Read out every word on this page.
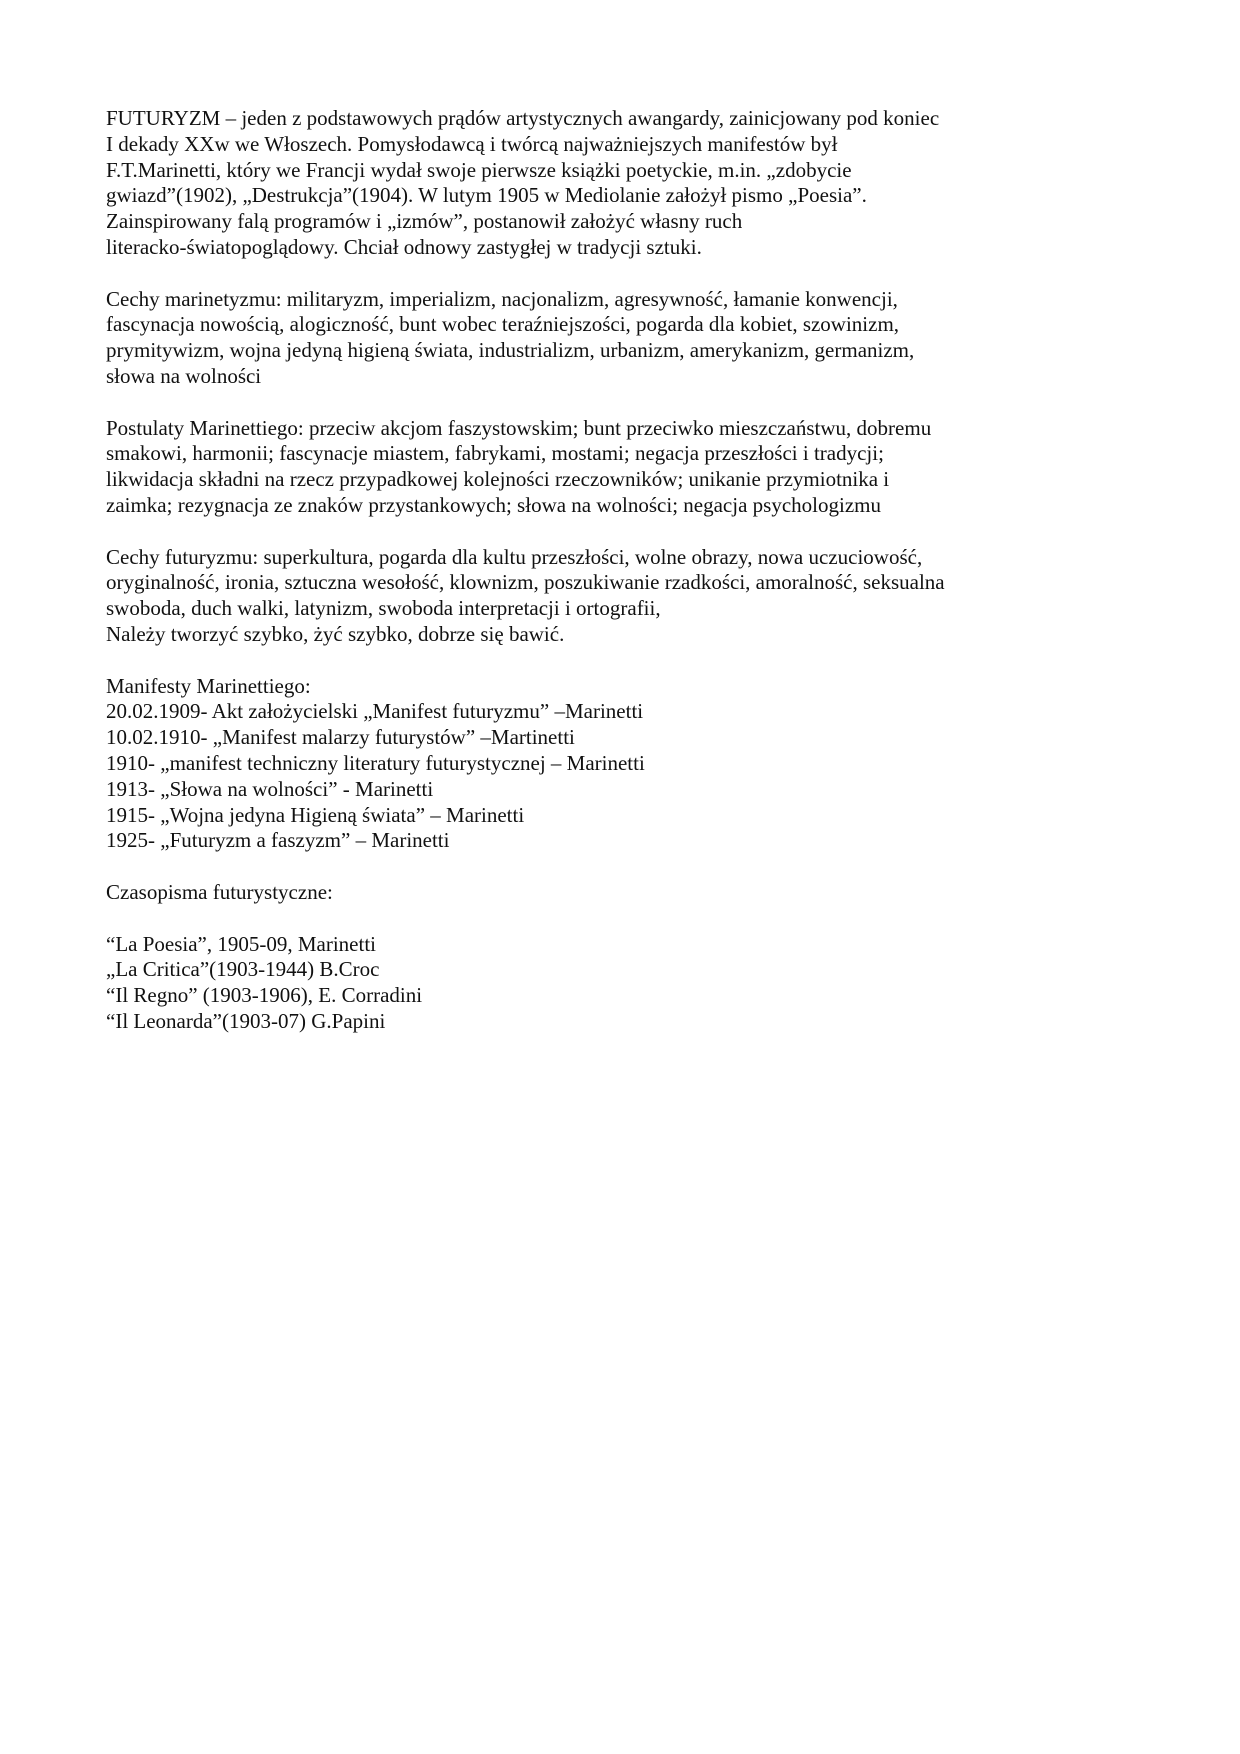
FUTURYZM – jeden z podstawowych prądów artystycznych awangardy, zainicjowany pod koniec
I dekady XXw we Włoszech. Pomysłodawcą i twórcą najważniejszych manifestów był
F.T.Marinetti, który we Francji wydał swoje pierwsze książki poetyckie, m.in. „zdobycie
gwiazd”(1902), „Destrukcja”(1904). W lutym 1905 w Mediolanie założył pismo „Poesia”.
Zainspirowany falą programów i „izmów”, postanowił założyć własny ruch
literacko-światopoglądowy. Chciał odnowy zastygłej w tradycji sztuki.
Cechy marinetyzmu: militaryzm, imperializm, nacjonalizm, agresywność, łamanie konwencji,
fascynacja nowością, alogiczność, bunt wobec teraźniejszości, pogarda dla kobiet, szowinizm,
prymitywizm, wojna jedyną higieną świata, industrializm, urbanizm, amerykanizm, germanizm,
słowa na wolności
Postulaty Marinettiego: przeciw akcjom faszystowskim; bunt przeciwko mieszczaństwu, dobremu
smakowi, harmonii; fascynacje miastem, fabrykami, mostami; negacja przeszłości i tradycji;
likwidacja składni na rzecz przypadkowej kolejności rzeczowników; unikanie przymiotnika i
zaimka; rezygnacja ze znaków przystankowych; słowa na wolności; negacja psychologizmu
Cechy futuryzmu: superkultura, pogarda dla kultu przeszłości, wolne obrazy, nowa uczuciowość,
oryginalność, ironia, sztuczna wesołość, klownizm, poszukiwanie rzadkości, amoralność, seksualna
swoboda, duch walki, latynizm, swoboda interpretacji i ortografii,
Należy tworzyć szybko, żyć szybko, dobrze się bawić.
Manifesty Marinettiego:
20.02.1909- Akt założycielski „Manifest futuryzmu” –Marinetti
10.02.1910- „Manifest malarzy futurystów” –Martinetti
1910- „manifest techniczny literatury futurystycznej – Marinetti
1913- „Słowa na wolności” - Marinetti
1915- „Wojna jedyna Higieną świata” – Marinetti
1925- „Futuryzm a faszyzm” – Marinetti
Czasopisma futurystyczne:
“La Poesia”, 1905-09, Marinetti
„La Critica”(1903-1944) B.Croc
“Il Regno” (1903-1906), E. Corradini
“Il Leonarda”(1903-07) G.Papini
